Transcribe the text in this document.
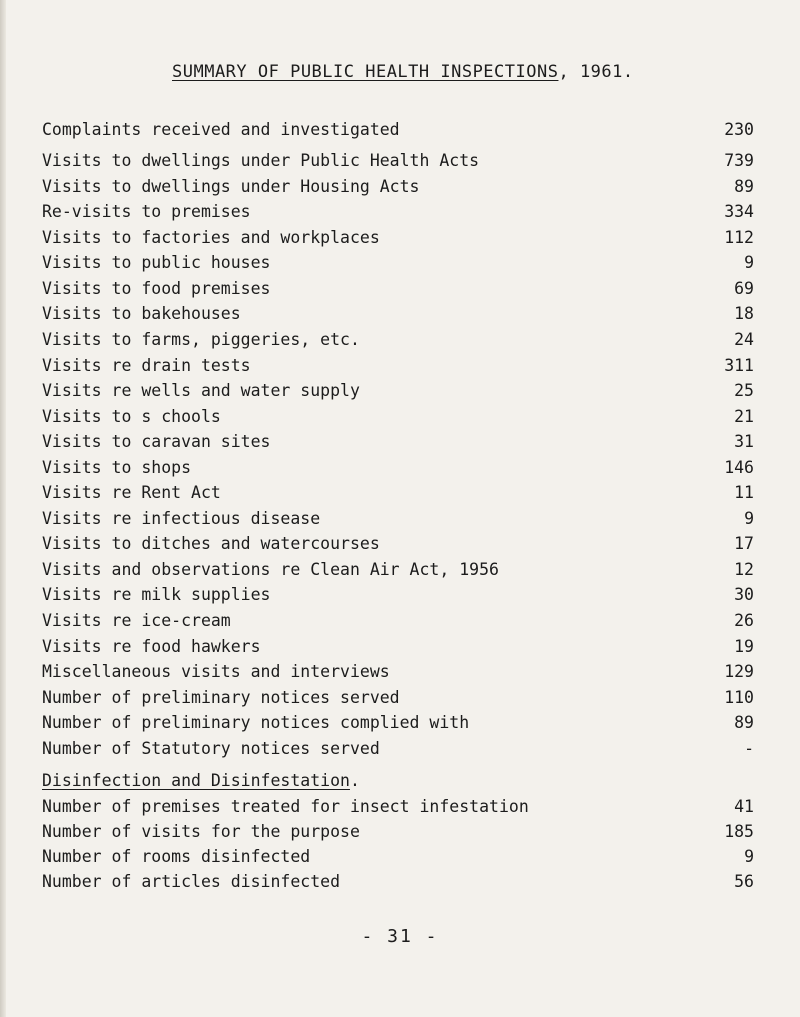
SUMMARY OF PUBLIC HEALTH INSPECTIONS, 1961.
Complaints received and investigated	230
Visits to dwellings under Public Health Acts	739
Visits to dwellings under Housing Acts	89
Re-visits to premises	334
Visits to factories and workplaces	112
Visits to public houses	9
Visits to food premises	69
Visits to bakehouses	18
Visits to farms, piggeries, etc.	24
Visits re drain tests	311
Visits re wells and water supply	25
Visits to s chools	21
Visits to caravan sites	31
Visits to shops	146
Visits re Rent Act	11
Visits re infectious disease	9
Visits to ditches and watercourses	17
Visits and observations re Clean Air Act, 1956	12
Visits re milk supplies	30
Visits re ice-cream	26
Visits re food hawkers	19
Miscellaneous visits and interviews	129
Number of preliminary notices served	110
Number of preliminary notices complied with	89
Number of Statutory notices served	-
Disinfection and Disinfestation.
Number of premises treated for insect infestation	41
Number of visits for the purpose	185
Number of rooms disinfected	9
Number of articles disinfected	56
- 31 -
